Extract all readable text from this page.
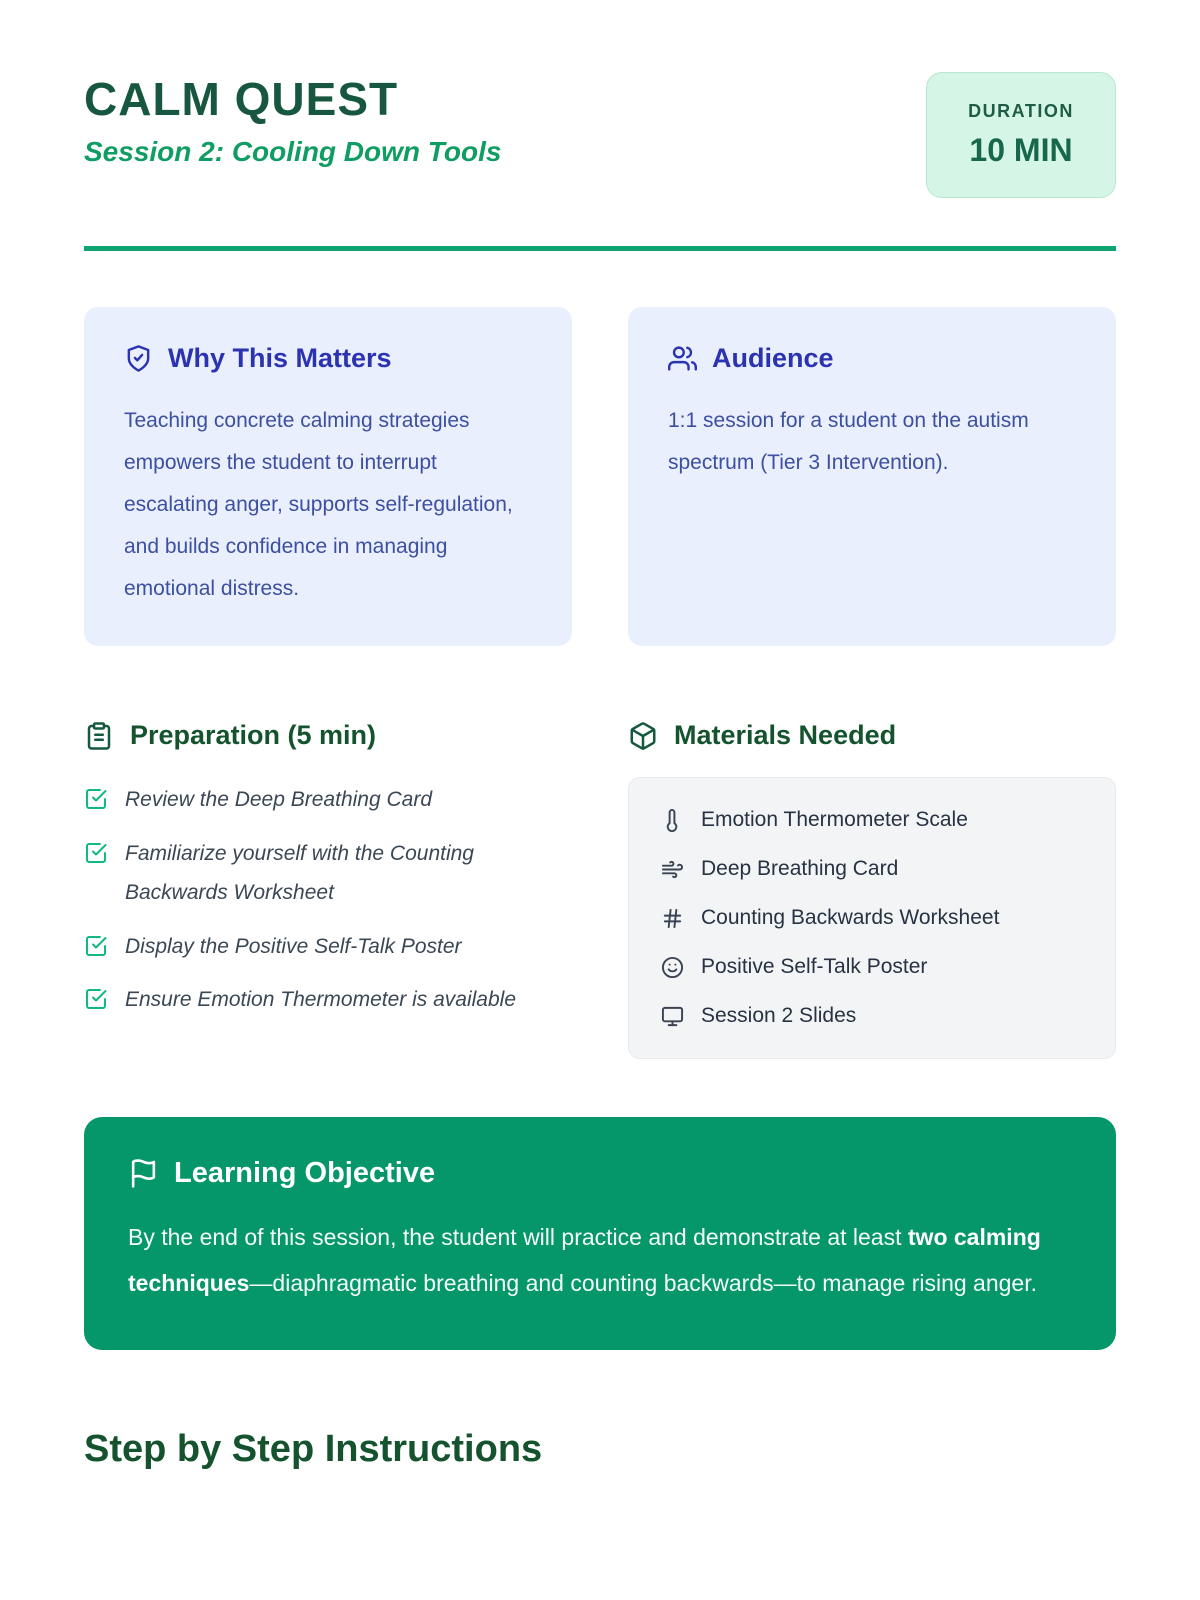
CALM QUEST
Session 2: Cooling Down Tools
DURATION
10 MIN
Why This Matters

Teaching concrete calming strategies empowers the student to interrupt escalating anger, supports self-regulation, and builds confidence in managing emotional distress.

Audience

1:1 session for a student on the autism spectrum (Tier 3 Intervention).

Preparation (5 min)
Review the Deep Breathing Card
Familiarize yourself with the Counting Backwards Worksheet
Display the Positive Self-Talk Poster
Ensure Emotion Thermometer is available
Materials Needed
Emotion Thermometer Scale
Deep Breathing Card
Counting Backwards Worksheet
Positive Self-Talk Poster
Session 2 Slides
Learning Objective

By the end of this session, the student will practice and demonstrate at least two calming techniques—diaphragmatic breathing and counting backwards—to manage rising anger.

Step by Step Instructions
